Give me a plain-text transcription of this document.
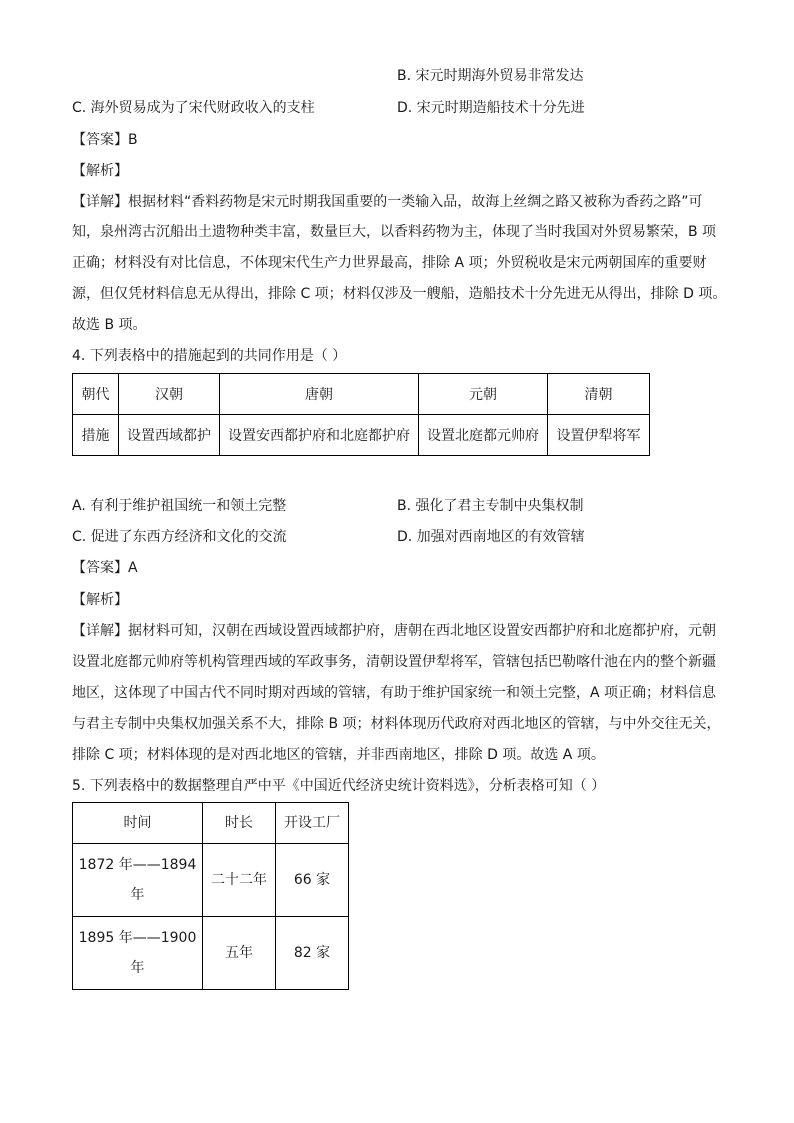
B. 宋元时期海外贸易非常发达
C. 海外贸易成为了宋代财政收入的支柱	D. 宋元时期造船技术十分先进
【答案】B
【解析】
【详解】根据材料“香料药物是宋元时期我国重要的一类输入品，故海上丝绸之路又被称为香药之路”可
知，泉州湾古沉船出土遗物种类丰富，数量巨大，以香料药物为主，体现了当时我国对外贸易繁荣，B 项
正确；材料没有对比信息，不体现宋代生产力世界最高，排除 A 项；外贸税收是宋元两朝国库的重要财
源，但仅凭材料信息无从得出，排除 C 项；材料仅涉及一艘船，造船技术十分先进无从得出，排除 D 项。
故选 B 项。
4. 下列表格中的措施起到的共同作用是（ ）
朝代	汉朝	唐朝	元朝	清朝
措施	设置西域都护	设置安西都护府和北庭都护府	设置北庭都元帅府	设置伊犁将军
A. 有利于维护祖国统一和领土完整	B. 强化了君主专制中央集权制
C. 促进了东西方经济和文化的交流	D. 加强对西南地区的有效管辖
【答案】A
【解析】
【详解】据材料可知，汉朝在西域设置西域都护府，唐朝在西北地区设置安西都护府和北庭都护府，元朝
设置北庭都元帅府等机构管理西域的军政事务，清朝设置伊犁将军，管辖包括巴勒喀什池在内的整个新疆
地区，这体现了中国古代不同时期对西域的管辖，有助于维护国家统一和领土完整，A 项正确；材料信息
与君主专制中央集权加强关系不大，排除 B 项；材料体现历代政府对西北地区的管辖，与中外交往无关，
排除 C 项；材料体现的是对西北地区的管辖，并非西南地区，排除 D 项。故选 A 项。
5. 下列表格中的数据整理自严中平《中国近代经济史统计资料选》，分析表格可知（ ）
时间	时长	开设工厂

1872 年——1894
年	二十二年	66 家

1895 年——1900
年	五年	82 家
